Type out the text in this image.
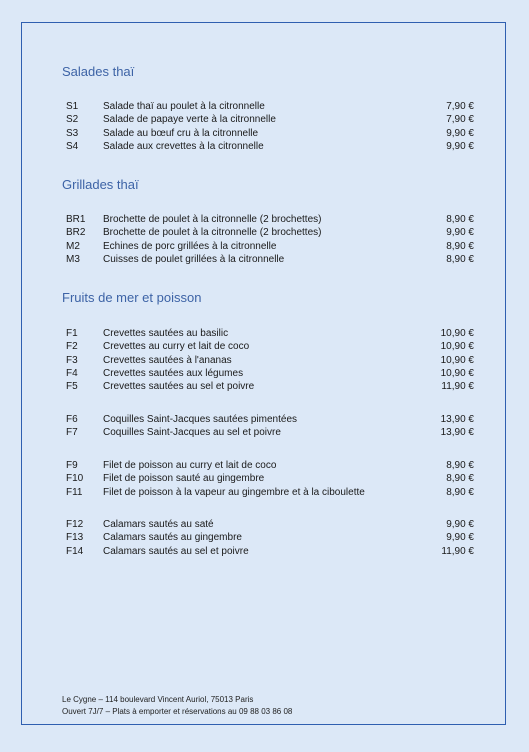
Salades thaï
S1	Salade thaï au poulet à la citronnelle	7,90 €
S2	Salade de papaye verte à la citronnelle	7,90 €
S3	Salade au bœuf cru à la citronnelle	9,90 €
S4	Salade aux crevettes à la citronnelle	9,90 €
Grillades thaï
BR1	Brochette de poulet à la citronnelle (2 brochettes)	8,90 €
BR2	Brochette de poulet à la citronnelle (2 brochettes)	9,90 €
M2	Echines de porc grillées à la citronnelle	8,90 €
M3	Cuisses de poulet grillées à la citronnelle	8,90 €
Fruits de mer et poisson
F1	Crevettes sautées au basilic	10,90 €
F2	Crevettes au curry et lait de coco	10,90 €
F3	Crevettes sautées à l'ananas	10,90 €
F4	Crevettes sautées aux légumes	10,90 €
F5	Crevettes sautées au sel et poivre	11,90 €
F6	Coquilles Saint-Jacques sautées pimentées	13,90 €
F7	Coquilles Saint-Jacques au sel et poivre	13,90 €
F9	Filet de poisson au curry et lait de coco	8,90 €
F10	Filet de poisson sauté au gingembre	8,90 €
F11	Filet de poisson à la vapeur au gingembre et à la ciboulette	8,90 €
F12	Calamars sautés au saté	9,90 €
F13	Calamars sautés au gingembre	9,90 €
F14	Calamars sautés au sel et poivre	11,90 €
Le Cygne – 114 boulevard Vincent Auriol, 75013 Paris
Ouvert 7J/7 – Plats à emporter et réservations au 09 88 03 86 08
